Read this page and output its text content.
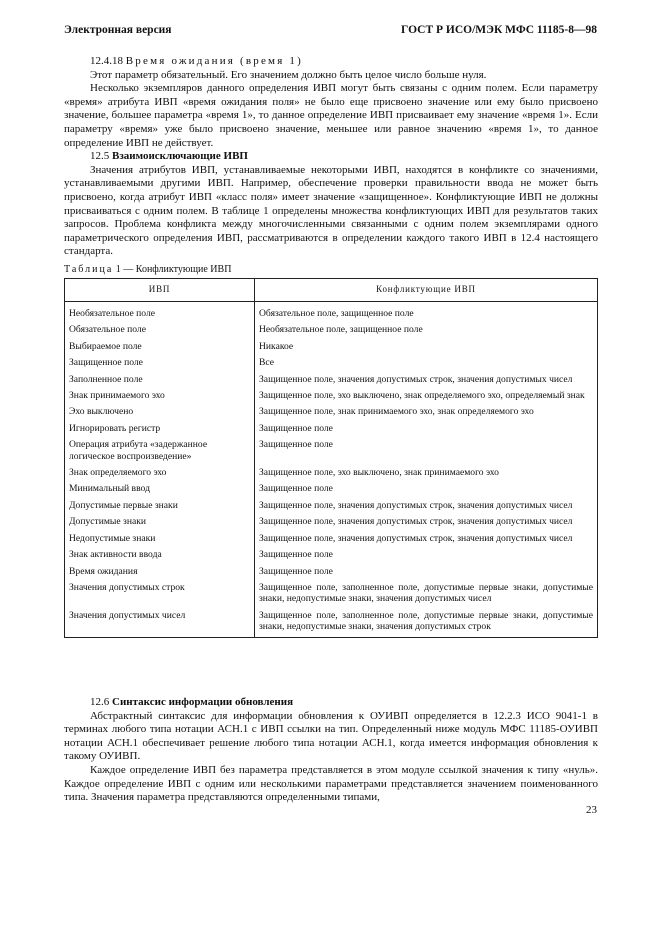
Электронная версия	ГОСТ Р ИСО/МЭК МФС 11185-8—98

12.4.18 Время ожидания (время 1)

Этот параметр обязательный. Его значением должно быть целое число больше нуля.

Несколько экземпляров данного определения ИВП могут быть связаны с одним полем. Если параметру «время» атрибута ИВП «время ожидания поля» не было еще присвоено значение или ему было присвоено значение, большее параметра «время 1», то данное определение ИВП присваивает ему значение «время 1». Если параметру «время» уже было присвоено значение, меньшее или равное значению «время 1», то данное определение ИВП не действует.

12.5 Взаимоисключающие ИВП

Значения атрибутов ИВП, устанавливаемые некоторыми ИВП, находятся в конфликте со значениями, устанавливаемыми другими ИВП. Например, обеспечение проверки правильности ввода не может быть присвоено, когда атрибут ИВП «класс поля» имеет значение «защищенное». Конфликтующие ИВП не должны присваиваться с одним полем. В таблице 1 определены множества конфликтующих ИВП для результатов таких запросов. Проблема конфликта между многочисленными связанными с одним полем экземплярами одного параметрического определения ИВП, рассматриваются в определении каждого такого ИВП в 12.4 настоящего стандарта.

Таблица 1 — Конфликтующие ИВП
ИВП	Конфликтующие ИВП
Необязательное поле	Обязательное поле, защищенное поле
Обязательное поле	Необязательное поле, защищенное поле
Выбираемое поле	Никакое
Защищенное поле	Все
Заполненное поле	Защищенное поле, значения допустимых строк, значения допустимых чисел
Знак принимаемого эхо	Защищенное поле, эхо выключено, знак определяемого эхо, определяемый знак
Эхо выключено	Защищенное поле, знак принимаемого эхо, знак определяемого эхо
Игнорировать регистр	Защищенное поле
Операция атрибута «задержанное логическое воспроизведение»	Защищенное поле
Знак определяемого эхо	Защищенное поле, эхо выключено, знак принимаемого эхо
Минимальный ввод	Защищенное поле
Допустимые первые знаки	Защищенное поле, значения допустимых строк, значения допустимых чисел
Допустимые знаки	Защищенное поле, значения допустимых строк, значения допустимых чисел
Недопустимые знаки	Защищенное поле, значения допустимых строк, значения допустимых чисел
Знак активности ввода	Защищенное поле
Время ожидания	Защищенное поле
Значения допустимых строк	Защищенное поле, заполненное поле, допустимые первые знаки, допустимые знаки, недопустимые знаки, значения допустимых чисел
Значения допустимых чисел	Защищенное поле, заполненное поле, допустимые первые знаки, допустимые знаки, недопустимые знаки, значения допустимых строк

12.6 Синтаксис информации обновления

Абстрактный синтаксис для информации обновления к ОУИВП определяется в 12.2.3 ИСО 9041-1 в терминах любого типа нотации АСН.1 с ИВП ссылки на тип. Определенный ниже модуль МФС 11185-ОУИВП нотации АСН.1 обеспечивает решение любого типа нотации АСН.1, когда имеется информация обновления к такому ОУИВП.

Каждое определение ИВП без параметра представляется в этом модуле ссылкой значения к типу «нуль». Каждое определение ИВП с одним или несколькими параметрами представляется значением поименованного типа. Значения параметра представляются определенными типами,

23
